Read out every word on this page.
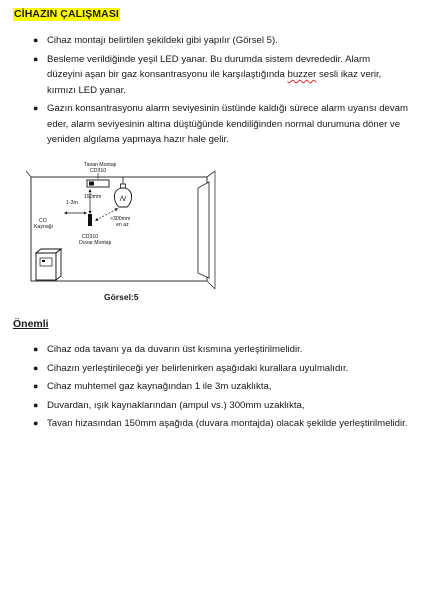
CİHAZIN ÇALIŞMASI
● Cihaz montajı belirtilen şekildeki gibi yapılır (Görsel 5).
● Besleme verildiğinde yeşil LED yanar. Bu durumda sistem devrededir. Alarm
düzeyini aşan bir gaz konsantrasyonu ile karşılaştığında buzzer sesli ikaz verir,
kırmızı LED yanar.
● Gazın konsantrasyonu alarm seviyesinin üstünde kaldığı sürece alarm uyarısı devam eder, alarm seviyesinin altına düştüğünde kendiliğinden normal durumuna döner ve yeniden algılama yapmaya hazır hale gelir.
Tavan Montajı
CD310
150mm
1-3m
>300mm
en az
CD310
Duvar Montajı
CO
Kaynağı
Görsel:5
Önemli
● Cihaz oda tavanı ya da duvarın üst kısmına yerleştirilmelidir.
● Cihazın yerleştirileceği yer belirlenirken aşağıdaki kurallara uyulmalıdır.
● Cihaz muhtemel gaz kaynağından 1 ile 3m uzaklıkta,
● Duvardan, ışık kaynaklarından (ampul vs.) 300mm uzaklıkta,
● Tavan hizasından 150mm aşağıda (duvara montajda) olacak şekilde yerleştirilmelidir.
